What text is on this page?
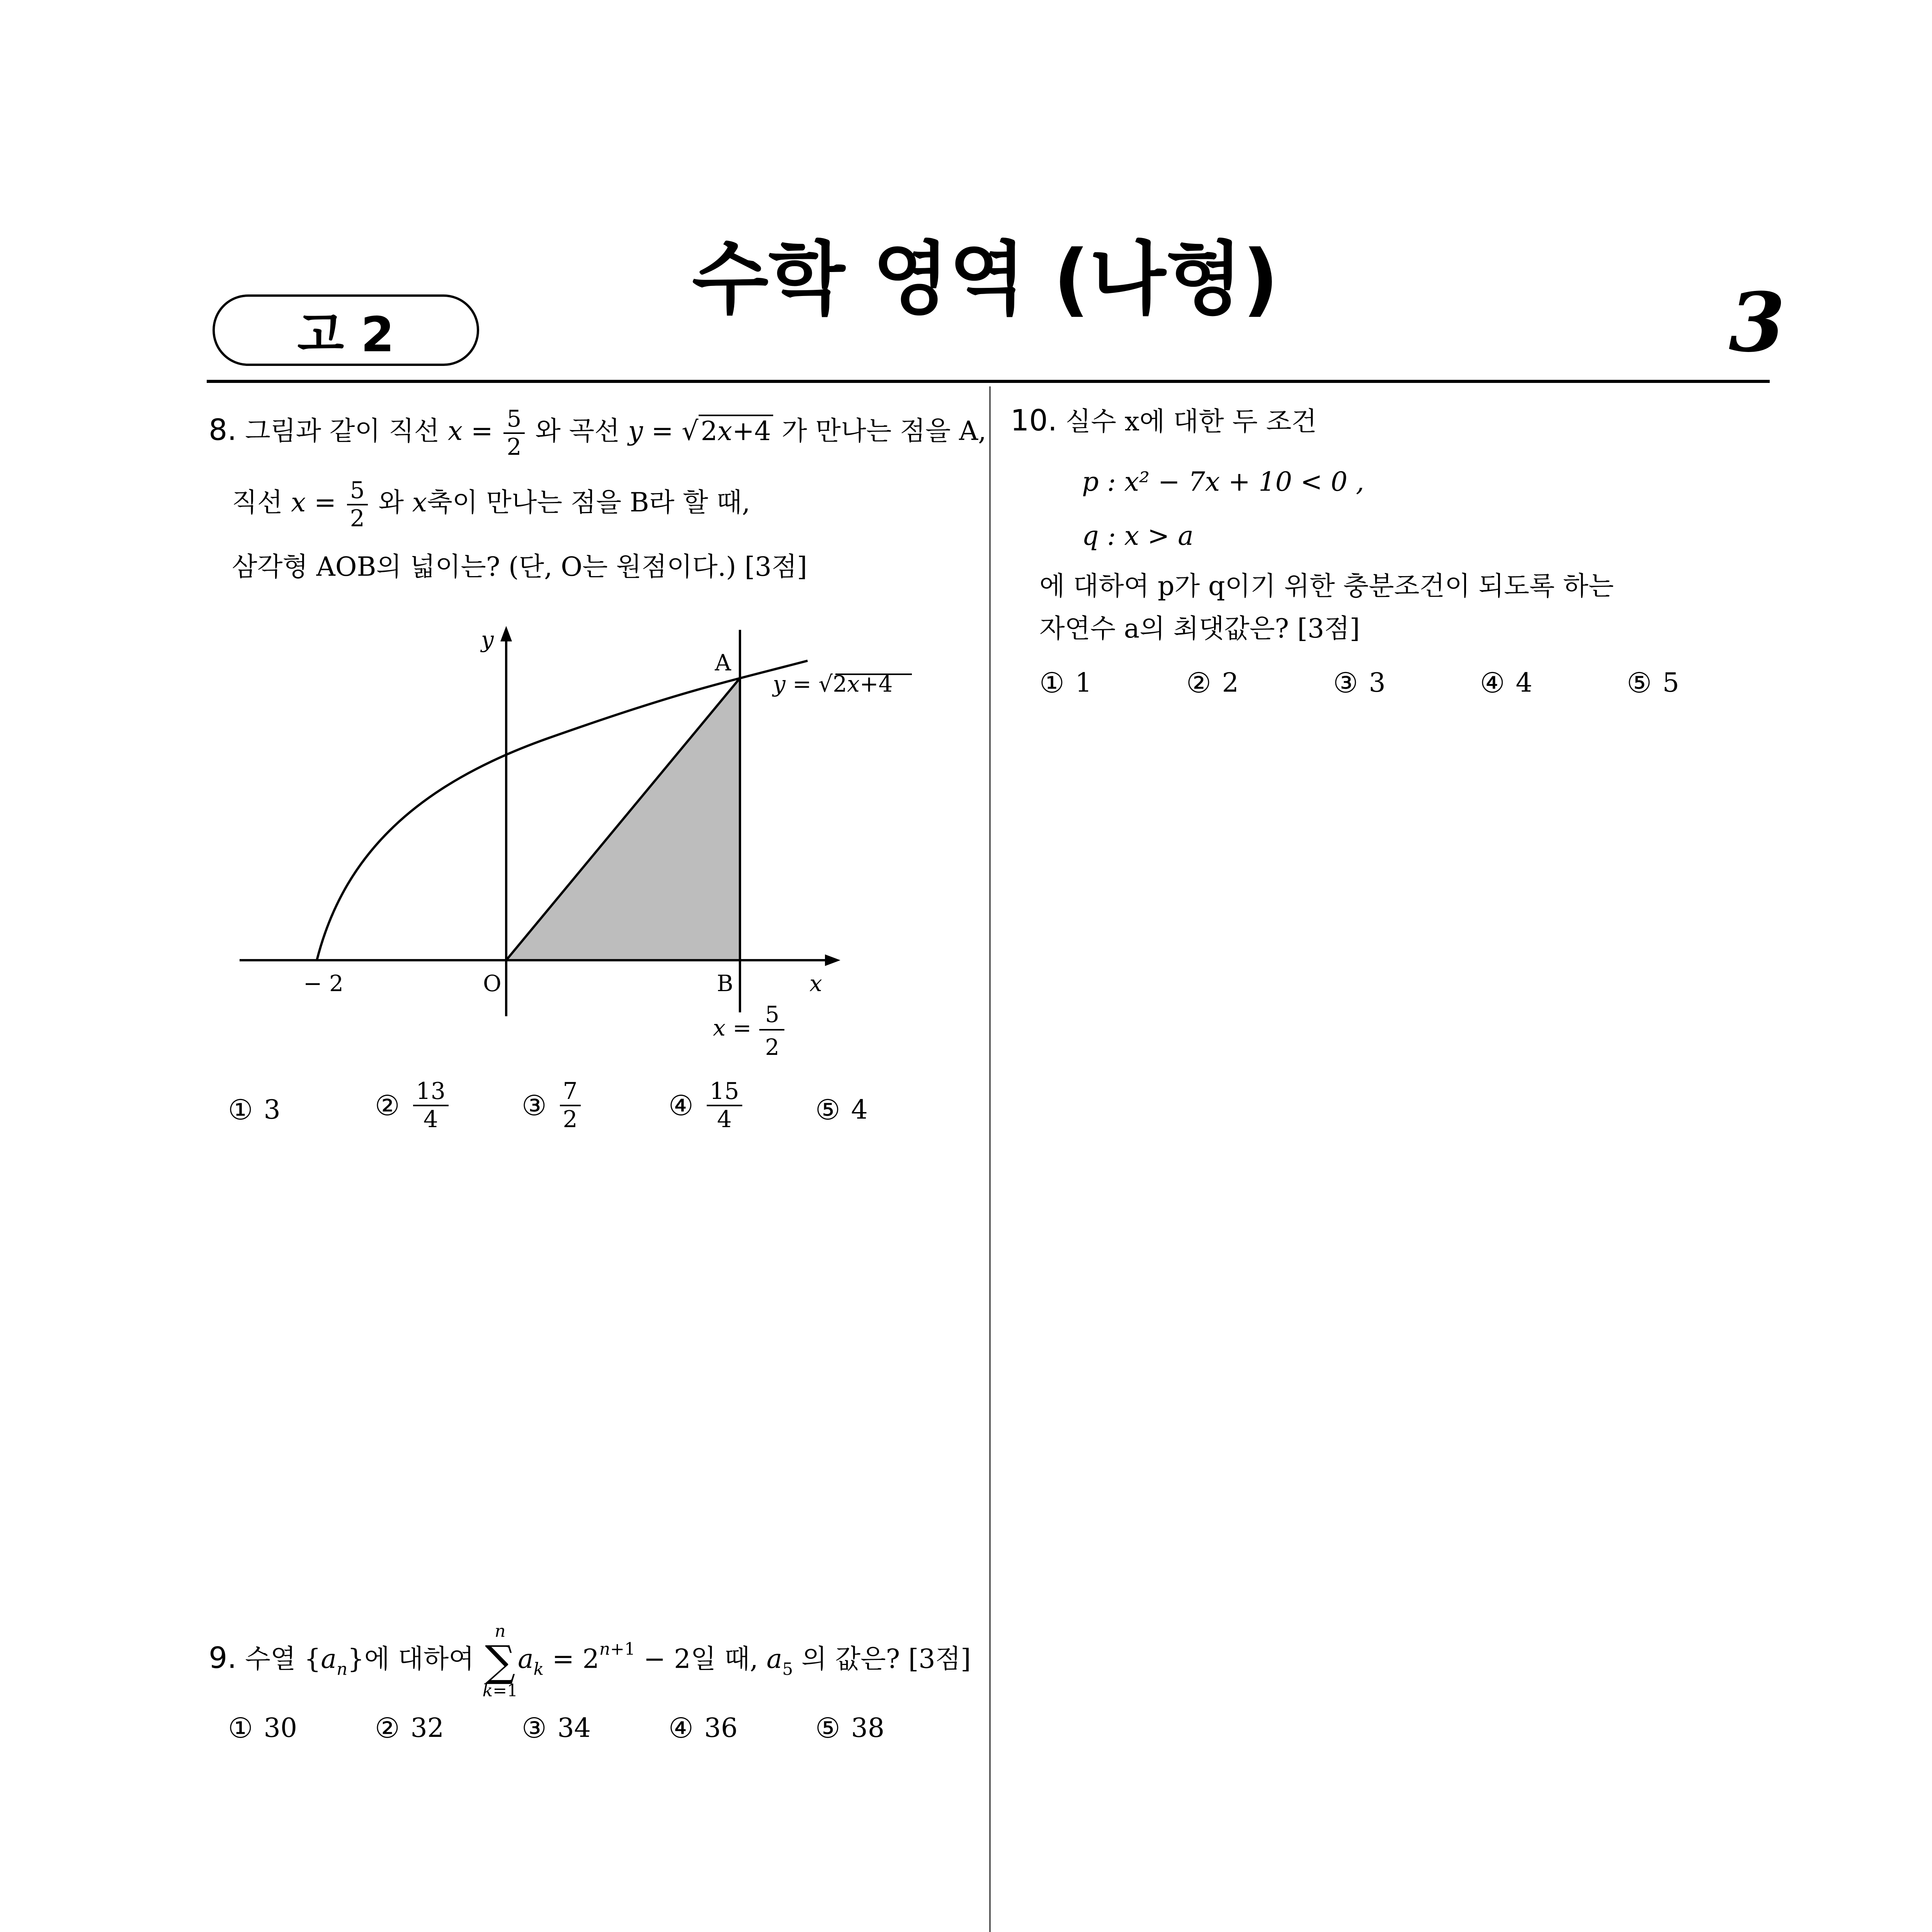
고 2
수학 영역 (나형)	3
8. 그림과 같이 직선 $x = \frac{5}{2}$ 와 곡선 y = √2x+4 가 만나는 점을 A,
직선 $x = \frac{5}{2}$ 와 x축이 만나는 점을 B라 할 때,
삼각형 AOB의 넓이는? (단, O는 원점이다.) [3점]
y
x
O
A
B
− 2
y = √2x+4
x =
5
2
① 3	② $\frac{13}{4}$	③ $\frac{7}{2}$	④ $\frac{15}{4}$	⑤ 4
9. 수열 $\{a_n\}$에 대하여
n
∑
k=1
$a_k = 2^{n+1} - 2$일 때, $a_5$ 의 값은? [3점]
① 30	② 32	③ 34	④ 36	⑤ 38
10. 실수 x에 대한 두 조건
p : x² − 7x + 10 < 0 ,
q : x > a
에 대하여 p가 q이기 위한 충분조건이 되도록 하는
자연수 a의 최댓값은? [3점]
① 1	② 2	③ 3	④ 4	⑤ 5
